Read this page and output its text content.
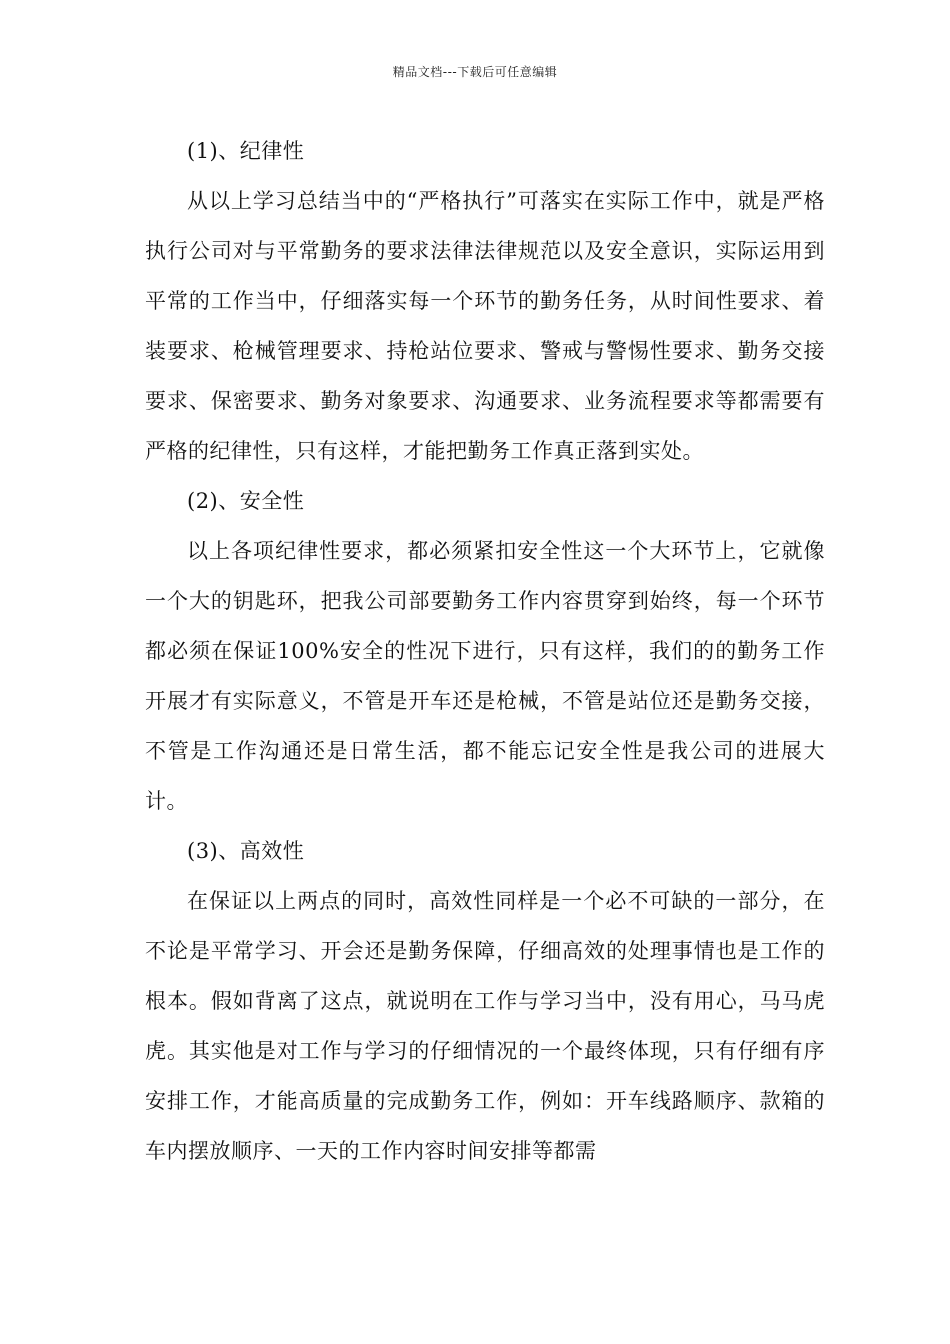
精品文档---下载后可任意编辑

(1)、纪律性

从以上学习总结当中的“严格执行”可落实在实际工作中，就是严格执行公司对与平常勤务的要求法律法律规范以及安全意识，实际运用到平常的工作当中，仔细落实每一个环节的勤务任务，从时间性要求、着装要求、枪械管理要求、持枪站位要求、警戒与警惕性要求、勤务交接要求、保密要求、勤务对象要求、沟通要求、业务流程要求等都需要有严格的纪律性，只有这样，才能把勤务工作真正落到实处。

(2)、安全性

以上各项纪律性要求，都必须紧扣安全性这一个大环节上，它就像一个大的钥匙环，把我公司部要勤务工作内容贯穿到始终，每一个环节都必须在保证100%安全的性况下进行，只有这样，我们的的勤务工作开展才有实际意义，不管是开车还是枪械，不管是站位还是勤务交接，不管是工作沟通还是日常生活，都不能忘记安全性是我公司的进展大计。

(3)、高效性

在保证以上两点的同时，高效性同样是一个必不可缺的一部分，在不论是平常学习、开会还是勤务保障，仔细高效的处理事情也是工作的根本。假如背离了这点，就说明在工作与学习当中，没有用心，马马虎虎。其实他是对工作与学习的仔细情况的一个最终体现，只有仔细有序安排工作，才能高质量的完成勤务工作，例如：开车线路顺序、款箱的车内摆放顺序、一天的工作内容时间安排等都需
